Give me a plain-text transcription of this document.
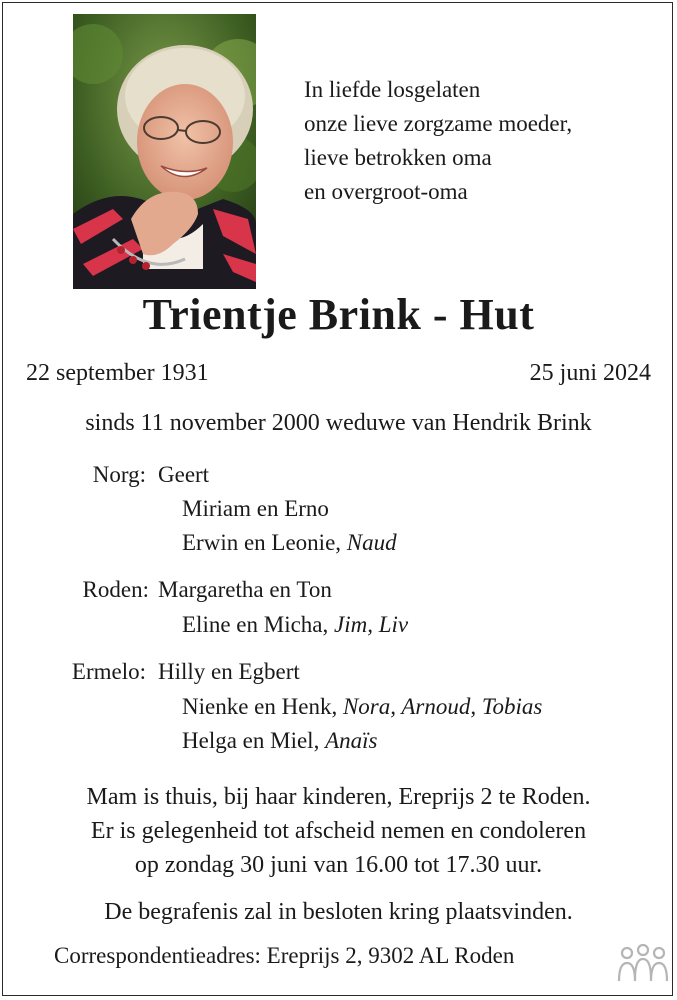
In liefde losgelaten
onze lieve zorgzame moeder,
lieve betrokken oma
en overgroot-oma
Trientje Brink - Hut
22 september 1931	25 juni 2024
sinds 11 november 2000 weduwe van Hendrik Brink
Norg: Geert
Miriam en Erno
Erwin en Leonie, Naud
Roden: Margaretha en Ton
Eline en Micha, Jim, Liv
Ermelo: Hilly en Egbert
Nienke en Henk, Nora, Arnoud, Tobias
Helga en Miel, Anaïs
Mam is thuis, bij haar kinderen, Ereprijs 2 te Roden.
Er is gelegenheid tot afscheid nemen en condoleren
op zondag 30 juni van 16.00 tot 17.30 uur.
De begrafenis zal in besloten kring plaatsvinden.
Correspondentieadres: Ereprijs 2, 9302 AL Roden
